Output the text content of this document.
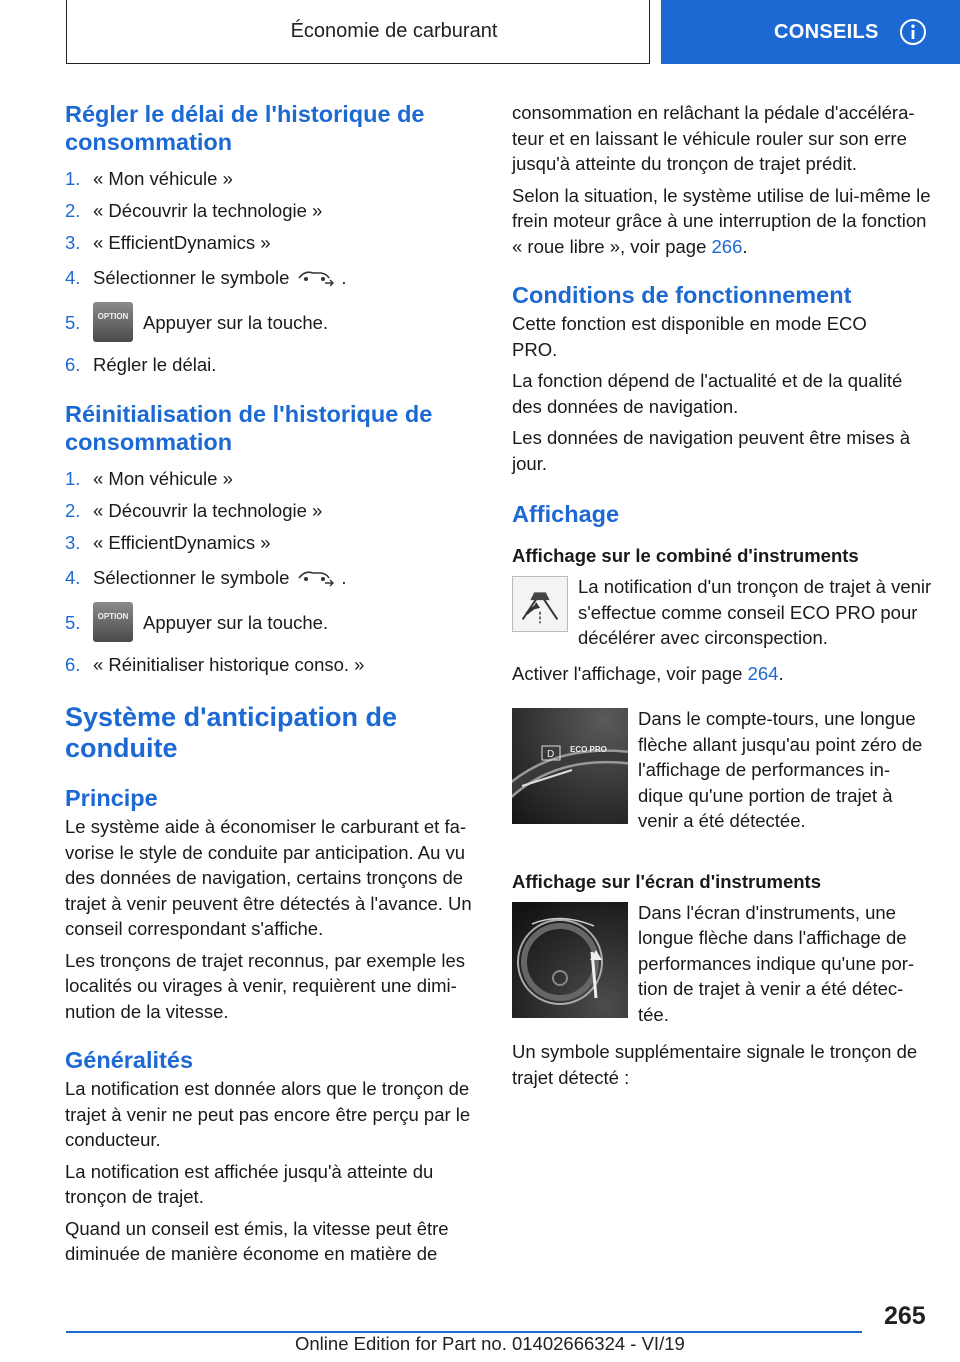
Économie de carburant	CONSEILS
Régler le délai de l'historique de consommation
1. « Mon véhicule »
2. « Découvrir la technologie »
3. « EfficientDynamics »
4. Sélectionner le symbole	.
5.	OPTION Appuyer sur la touche.
6. Régler le délai.
Réinitialisation de l'historique de consommation
1. « Mon véhicule »
2. « Découvrir la technologie »
3. « EfficientDynamics »
4. Sélectionner le symbole	.
5.	OPTION Appuyer sur la touche.
6. « Réinitialiser historique conso. »
Système d'anticipation de conduite
Principe

Le système aide à économiser le carburant et fa-vorise le style de conduite par anticipation. Au vu des données de navigation, certains tronçons de trajet à venir peuvent être détectés à l'avance. Un conseil correspondant s'affiche.

Les tronçons de trajet reconnus, par exemple les localités ou virages à venir, requièrent une dimi-nution de la vitesse.

Généralités

La notification est donnée alors que le tronçon de trajet à venir ne peut pas encore être perçu par le conducteur.

La notification est affichée jusqu'à atteinte du tronçon de trajet.

Quand un conseil est émis, la vitesse peut être diminuée de manière économe en matière de

consommation en relâchant la pédale d'accéléra-teur et en laissant le véhicule rouler sur son erre jusqu'à atteinte du tronçon de trajet prédit.

Selon la situation, le système utilise de lui-même le frein moteur grâce à une interruption de la fonction « roue libre », voir page 266.

Conditions de fonctionnement

Cette fonction est disponible en mode ECO PRO.

La fonction dépend de l'actualité et de la qualité des données de navigation.

Les données de navigation peuvent être mises à jour.

Affichage
Affichage sur le combiné d'instruments

La notification d'un tronçon de trajet à venir s'effectue comme conseil ECO PRO pour décélérer avec circonspection.

Activer l'affichage, voir page 264.

D ECO PRO

Dans le compte-tours, une longue flèche allant jusqu'au point zéro de l'affichage de performances in-dique qu'une portion de trajet à venir a été détectée.

Affichage sur l'écran d'instruments

Dans l'écran d'instruments, une longue flèche dans l'affichage de performances indique qu'une por-tion de trajet à venir a été détec-tée.

Un symbole supplémentaire signale le tronçon de trajet détecté :

265
Online Edition for Part no. 01402666324 - VI/19
